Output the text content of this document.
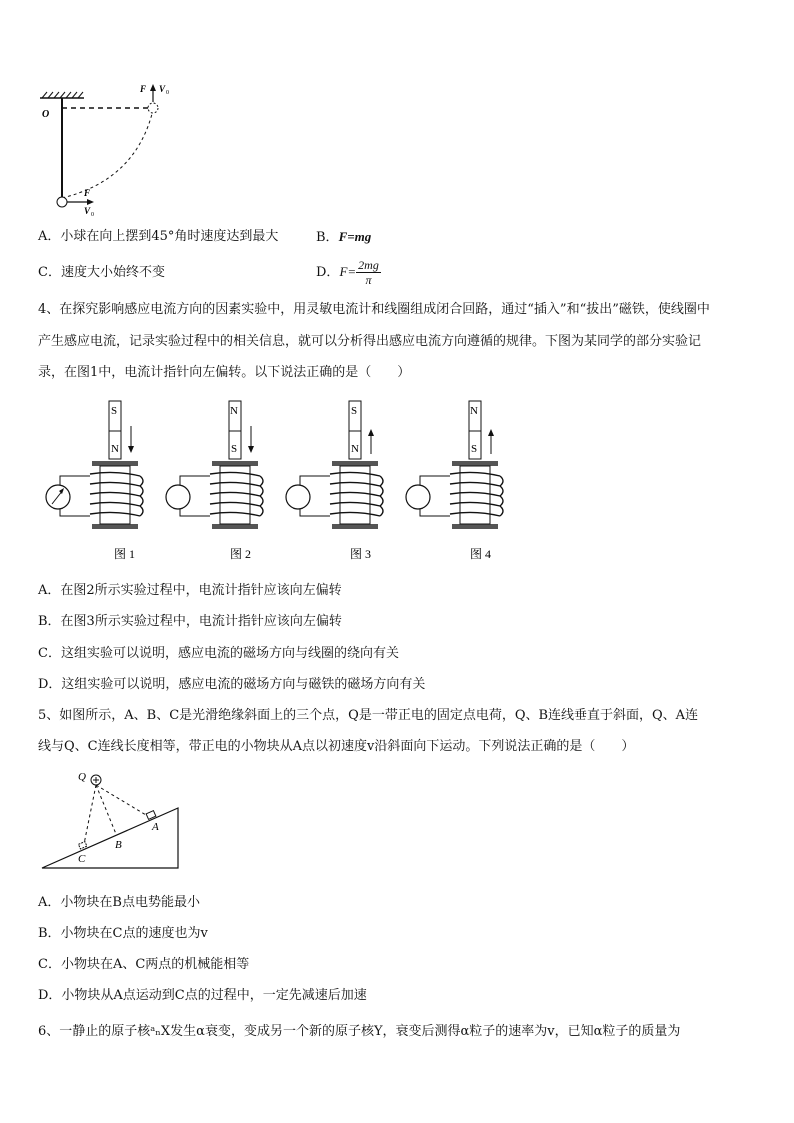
O
F V 0
F
V 0
A．小球在向上摆到45°角时速度达到最大	B．F=mg
C．速度大小始终不变	D．$F= \frac{2mg}{\pi}$
4、在探究影响感应电流方向的因素实验中，用灵敏电流计和线圈组成闭合回路，通过“插入”和“拔出”磁铁，使线圈中
产生感应电流，记录实验过程中的相关信息，就可以分析得出感应电流方向遵循的规律。下图为某同学的部分实验记
录，在图1中，电流计指针向左偏转。以下说法正确的是（　　）
S
N
图 1
N
S
图 2
S
N
图 3
N
S
图 4
A．在图2所示实验过程中，电流计指针应该向左偏转
B．在图3所示实验过程中，电流计指针应该向左偏转
C．这组实验可以说明，感应电流的磁场方向与线圈的绕向有关
D．这组实验可以说明，感应电流的磁场方向与磁铁的磁场方向有关
5、如图所示，A、B、C是光滑绝缘斜面上的三个点，Q是一带正电的固定点电荷，Q、B连线垂直于斜面，Q、A连
线与Q、C连线长度相等，带正电的小物块从A点以初速度v沿斜面向下运动。下列说法正确的是（　　）
Q
A
B
C
A．小物块在B点电势能最小
B．小物块在C点的速度也为v
C．小物块在A、C两点的机械能相等
D．小物块从A点运动到C点的过程中，一定先减速后加速
6、一静止的原子核ᵃₙX发生α衰变，变成另一个新的原子核Y，衰变后测得α粒子的速率为v，已知α粒子的质量为
